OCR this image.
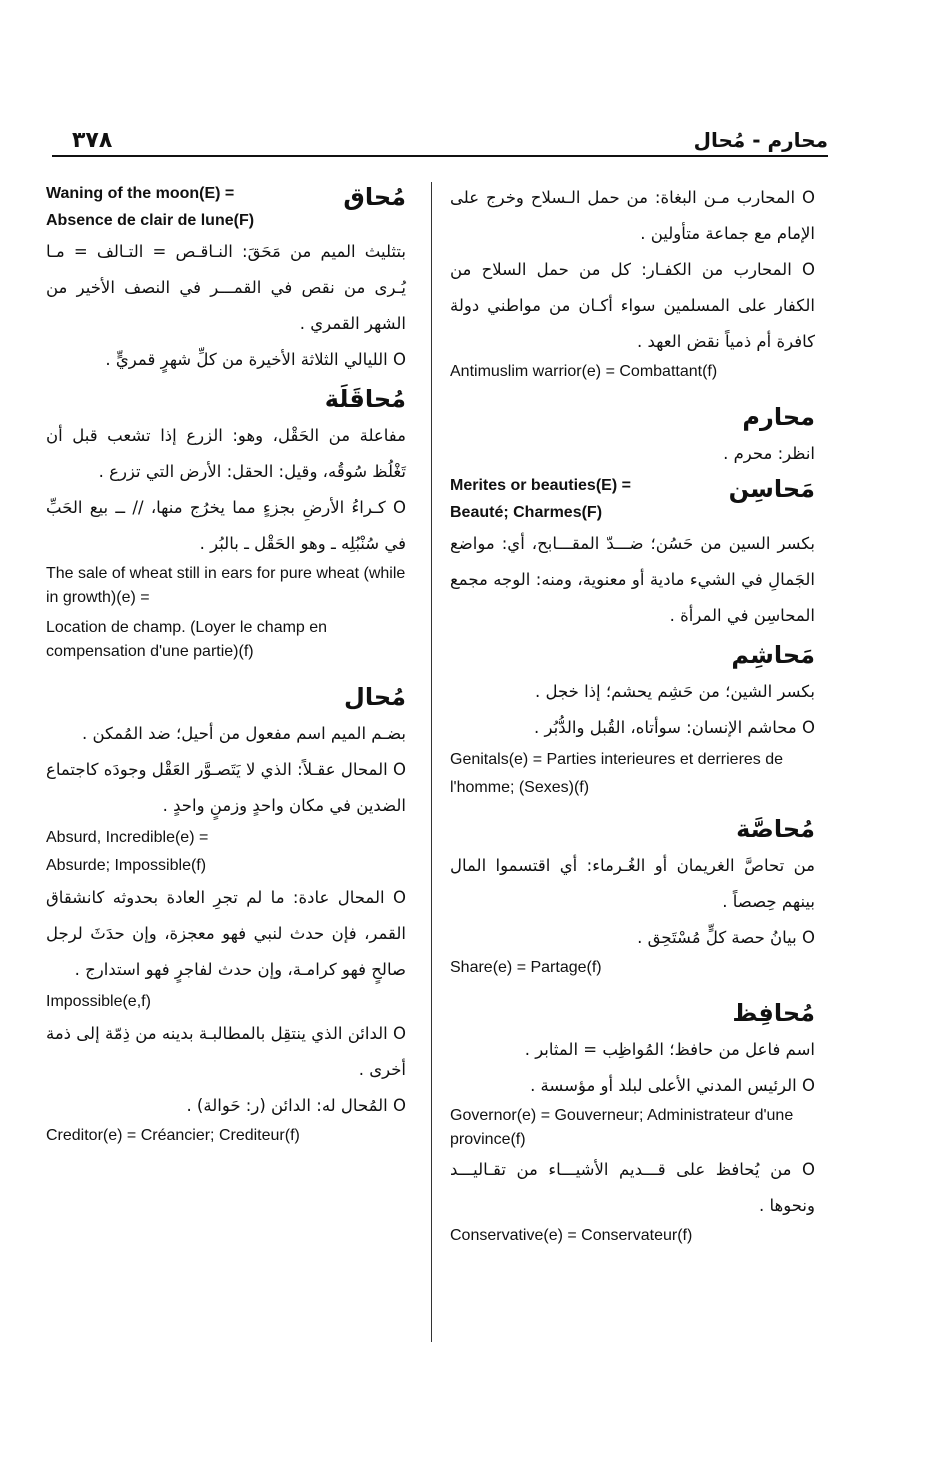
٣٧٨	محارم - مُحال
O المحارب مـن البغاة: من حمل الـسلاح وخرج على الإمام مع جماعة متأولين .
O المحارب من الكفـار: كل من حمل السلاح من الكفار على المسلمين سواء أكـان من مواطني دولة كافرة أم ذمياً نقض العهد .
Antimuslim warrior(e) = Combattant(f)
محارم
انظر: محرم .
Merites or beauties(E) =
Beauté; Charmes(F)
مَحاسِن
بكسر السين من حَسُن؛ ضـــدّ المقـــابح، أي: مواضع الجَمالِ في الشيء مادية أو معنوية، ومنه: الوجه مجمع المحاسِن في المرأة .
مَحاشِم
بكسر الشين؛ من حَشِم يحشم؛ إذا خجل .
O محاشم الإنسان: سوأتاه، القُبل والدُّبُر .
Genitals(e) = Parties interieures et derrieres de l'homme; (Sexes)(f)
مُحاصَّة
من تحاصَّ الغريمان أو الغُـرماء: أي اقتسموا المال بينهم حِصصاً .
O بيانُ حصة كلٍّ مُسْتَحِق .
Share(e) = Partage(f)
مُحافِظ
اسم فاعل من حافظ؛ المُواظِب = المثابر .
O الرئيس المدني الأعلى لبلد أو مؤسسة .
Governor(e) = Gouverneur; Administrateur d'une province(f)
O من يُحافظ على قـــديم الأشيـــاء من تقـاليـــد ونحوها .
Conservative(e) = Conservateur(f)
Waning of the moon(E) =
Absence de clair de lune(F)
مُحاق
بتثليث الميم من مَحَقَ: النـاقـص = التـالف = مـا يُـرى من نقص في القمـــر في النصف الأخير من الشهر القمري .
O الليالي الثلاثة الأخيرة من كلِّ شهرٍ قمريٍّ .
مُحاقَلَة
مفاعلة من الحَقْل، وهو: الزرع إذا تشعب قبل أن تَغْلُظ سُوقُه، وقيل: الحقل: الأرض التي تزرع .
O كـراءُ الأرضِ بجزءٍ مما يخرُج منها، // ــ بيع الحَبِّ في سُنْبُلِه ـ وهو الحَقْل ـ بالبُر .
The sale of wheat still in ears for pure wheat (while in growth)(e) =
Location de champ. (Loyer le champ en compensation d'une partie)(f)
مُحال
بضـم الميم اسم مفعول من أحيل؛ ضد المُمكن .
O المحال عقـلاً: الذي لا يَتَصـوَّر العَقْل وجودَه كاجتماع الضدين في مكان واحدٍ وزمنٍ واحدٍ .
Absurd, Incredible(e) =
Absurde; Impossible(f)
O المحال عادة: ما لم تجرِ العادة بحدوثه كانشقاق القمر، فإن حدث لنبي فهو معجزة، وإن حدَثَ لرجل صالحٍ فهو كرامـة، وإن حدث لفاجرٍ فهو استدارج .
Impossible(e,f)
O الدائن الذي ينتقِل بالمطالبـة بدينه من ذِمّة إلى ذمة أخرى .
O المُحال له: الدائن (ر: حَوالة) .
Creditor(e) = Créancier; Crediteur(f)
